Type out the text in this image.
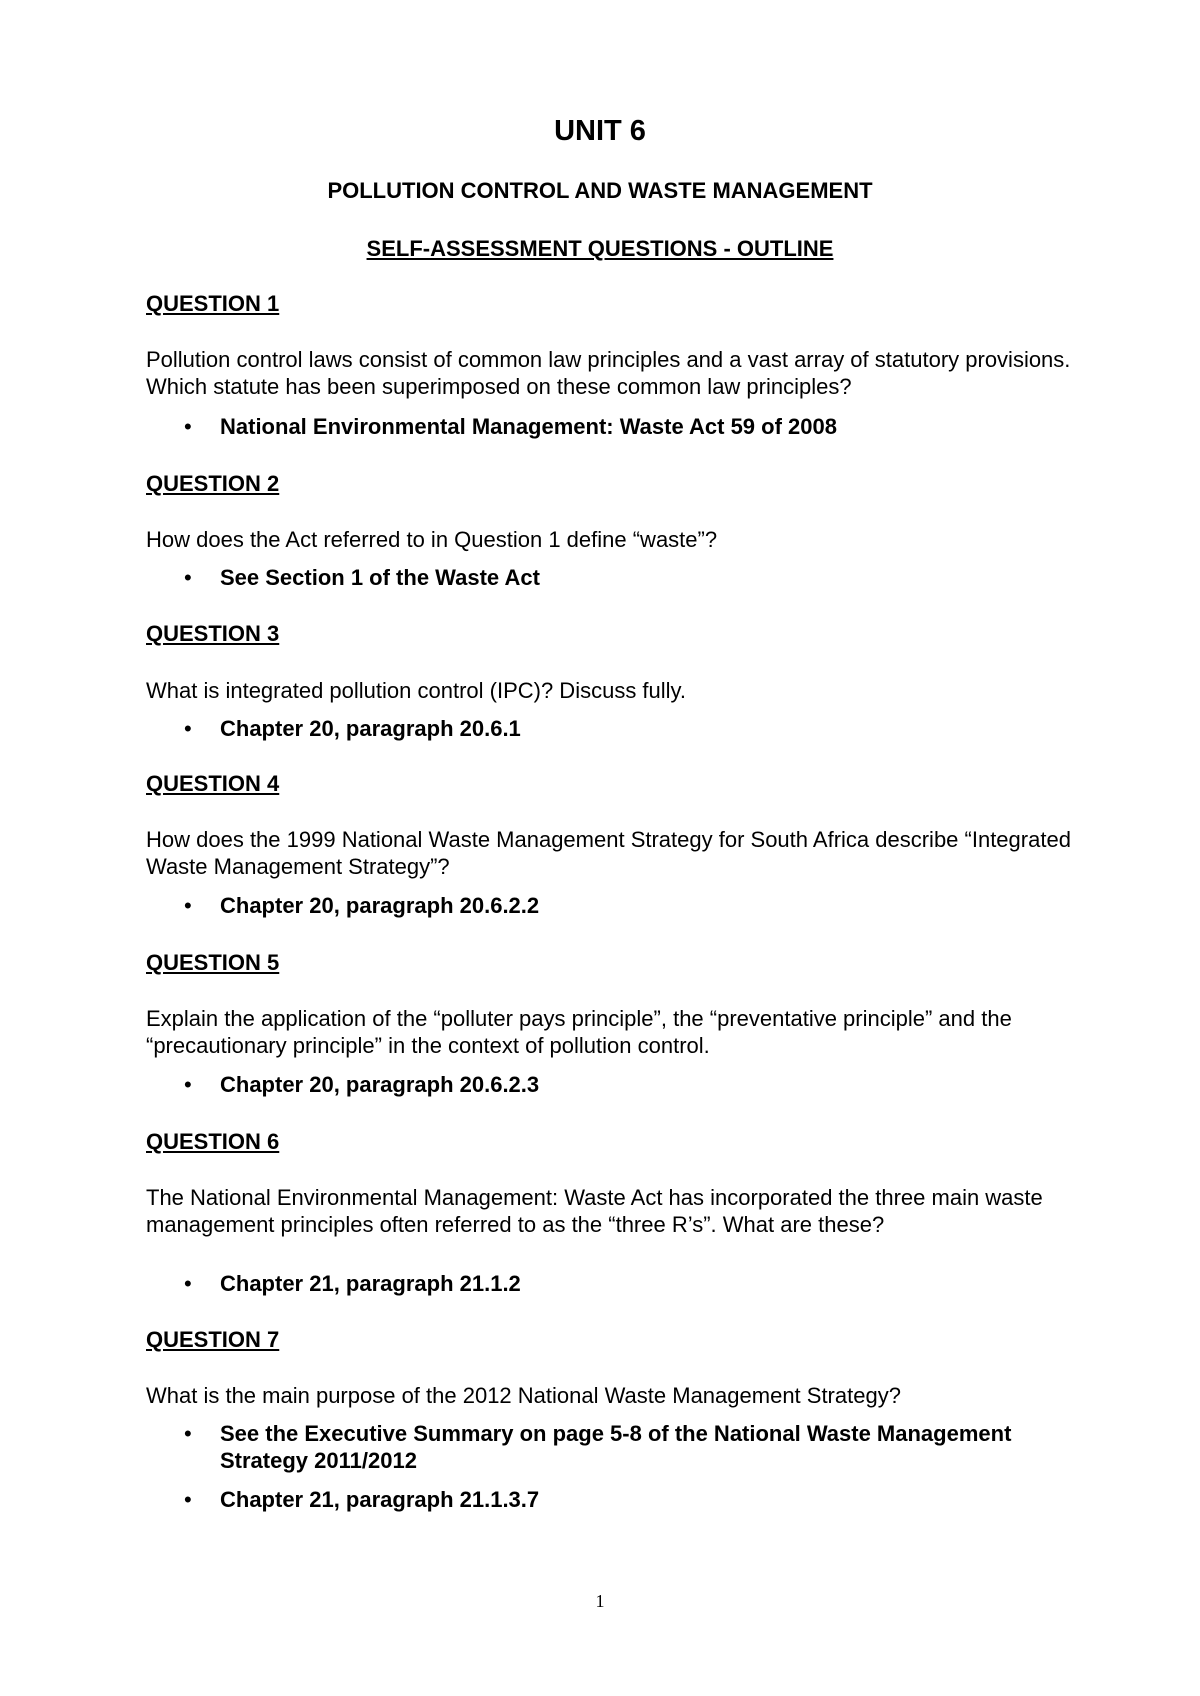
UNIT 6
POLLUTION CONTROL AND WASTE MANAGEMENT
SELF-ASSESSMENT QUESTIONS - OUTLINE
QUESTION 1

Pollution control laws consist of common law principles and a vast array of statutory provisions. Which statute has been superimposed on these common law principles?

• National Environmental Management: Waste Act 59 of 2008

QUESTION 2

How does the Act referred to in Question 1 define “waste”?

• See Section 1 of the Waste Act

QUESTION 3

What is integrated pollution control (IPC)? Discuss fully.

• Chapter 20, paragraph 20.6.1

QUESTION 4

How does the 1999 National Waste Management Strategy for South Africa describe “Integrated Waste Management Strategy”?

• Chapter 20, paragraph 20.6.2.2

QUESTION 5

Explain the application of the “polluter pays principle”, the “preventative principle” and the “precautionary principle” in the context of pollution control.

• Chapter 20, paragraph 20.6.2.3

QUESTION 6

The National Environmental Management: Waste Act has incorporated the three main waste management principles often referred to as the “three R’s”. What are these?

• Chapter 21, paragraph 21.1.2

QUESTION 7

What is the main purpose of the 2012 National Waste Management Strategy?

• See the Executive Summary on page 5-8 of the National Waste Management Strategy 2011/2012

• Chapter 21, paragraph 21.1.3.7

1
